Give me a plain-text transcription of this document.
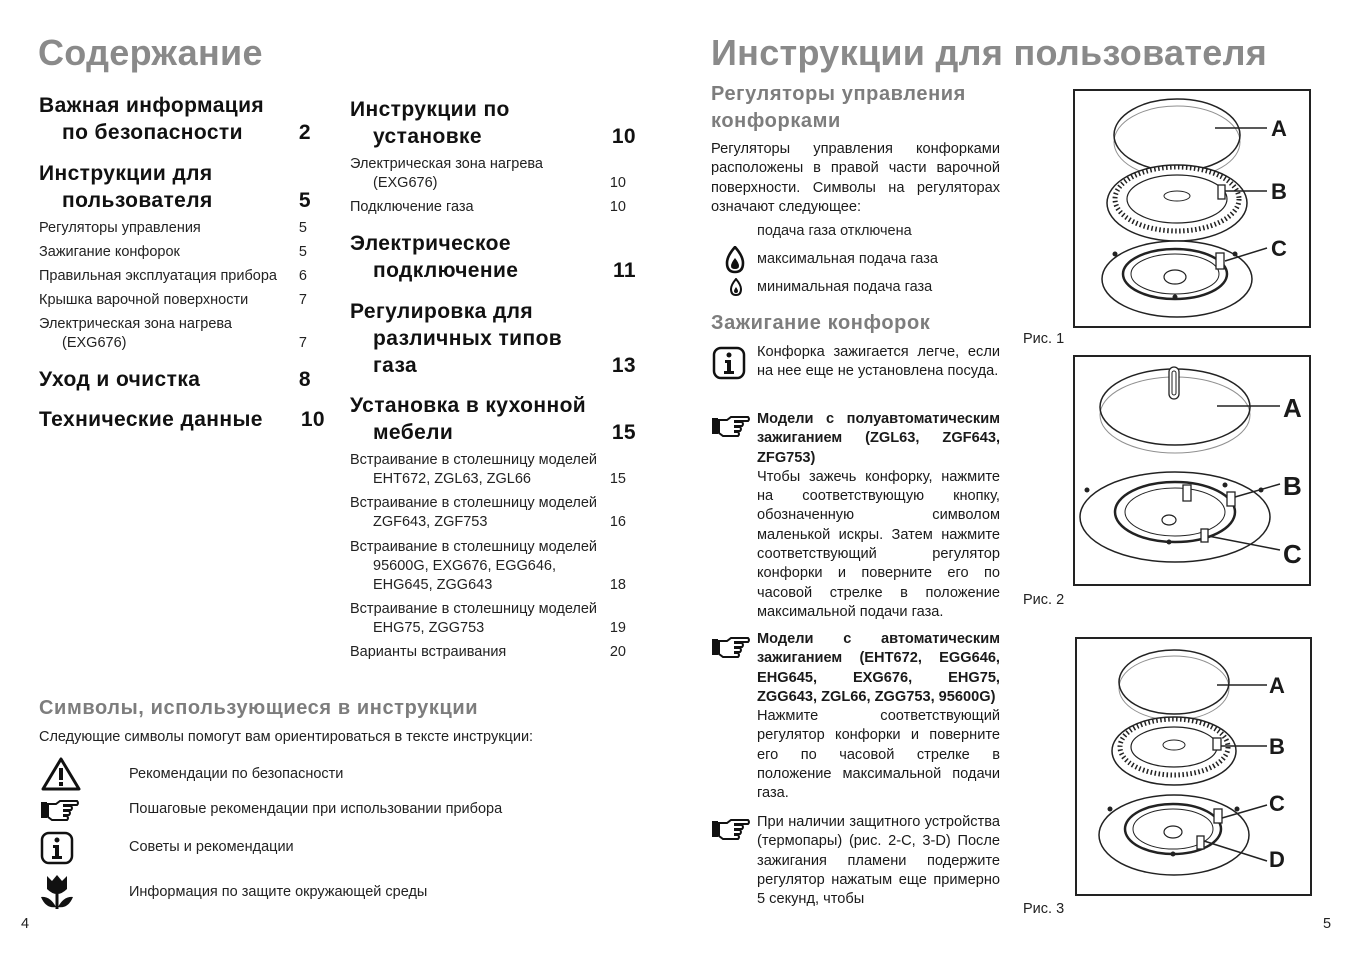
Содержание
Важная информация
по безопасности	2
Инструкции для
пользователя	5
Регуляторы управления	5
Зажигание конфорок	5
Правильная эксплуатация прибора 6
Крышка варочной поверхности	7
Электрическая зона нагрева
(EXG676)	7
Уход и очистка	8
Технические данные 10
Инструкции по
установке	10
Электрическая зона нагрева
(EXG676)	10
Подключение газа	10
Электрическое
подключение	11
Регулировка для
различных типов
газа	13
Установка в кухонной
мебели	15
Встраивание в столешницу моделей
EHT672, ZGL63, ZGL66	15
Встраивание в столешницу моделей
ZGF643, ZGF753	16
Встраивание в столешницу моделей
95600G, EXG676, EGG646,
EHG645, ZGG643	18
Встраивание в столешницу моделей
EHG75, ZGG753	19
Варианты встраивания	20
Символы, использующиеся в инструкции
Следующие символы помогут вам ориентироваться в тексте инструкции:
Рекомендации по безопасности
Пошаговые рекомендации при использовании прибора
Советы и рекомендации
Информация по защите окружающей среды
4
Инструкции для пользователя
Регуляторы управления
конфорками
Регуляторы управления конфорками расположены в правой части варочной поверхности. Символы на регуляторах означают следующее:
подача газа отключена
максимальная подача газа
минимальная подача газа
Зажигание конфорок
Конфорка зажигается легче, если на нее еще не установлена посуда.
Модели с полуавтоматическим зажиганием (ZGL63, ZGF643, ZFG753)
Чтобы зажечь конфорку, нажмите на соответствующую кнопку, обозначенную символом маленькой искры. Затем нажмите соответствующий регулятор конфорки и поверните его по часовой стрелке в положение максимальной подачи газа.
Модели с автоматическим зажиганием (EHT672, EGG646, EHG645, EXG676, EHG75, ZGG643, ZGL66, ZGG753, 95600G)
Нажмите соответствующий регулятор конфорки и поверните его по часовой стрелке в положение максимальной подачи газа.
При наличии защитного устройства (термопары) (рис. 2-С, 3-D) После зажигания пламени подержите регулятор нажатым еще примерно 5 секунд, чтобы
A
B
C
Рис. 1
A
B
C
Рис. 2
A
B
C
D
Рис. 3
5
